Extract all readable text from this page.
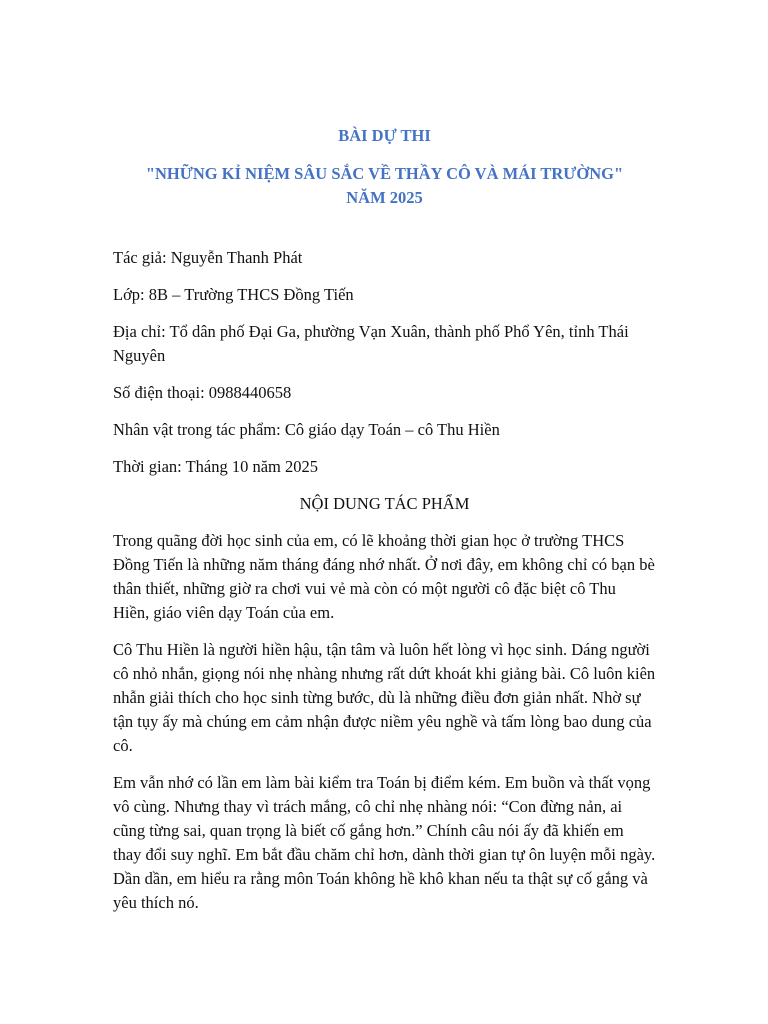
BÀI DỰ THI

"NHỮNG KỈ NIỆM SÂU SẮC VỀ THẦY CÔ VÀ MÁI TRƯỜNG"
NĂM 2025

Tác giả: Nguyễn Thanh Phát

Lớp: 8B – Trường THCS Đồng Tiến

Địa chỉ: Tổ dân phố Đại Ga, phường Vạn Xuân, thành phố Phổ Yên, tỉnh Thái Nguyên

Số điện thoại: 0988440658

Nhân vật trong tác phẩm: Cô giáo dạy Toán – cô Thu Hiền

Thời gian: Tháng 10 năm 2025

NỘI DUNG TÁC PHẨM

Trong quãng đời học sinh của em, có lẽ khoảng thời gian học ở trường THCS Đồng Tiến là những năm tháng đáng nhớ nhất. Ở nơi đây, em không chỉ có bạn bè thân thiết, những giờ ra chơi vui vẻ mà còn có một người cô đặc biệt cô Thu Hiền, giáo viên dạy Toán của em.

Cô Thu Hiền là người hiền hậu, tận tâm và luôn hết lòng vì học sinh. Dáng người cô nhỏ nhắn, giọng nói nhẹ nhàng nhưng rất dứt khoát khi giảng bài. Cô luôn kiên nhẫn giải thích cho học sinh từng bước, dù là những điều đơn giản nhất. Nhờ sự tận tụy ấy mà chúng em cảm nhận được niềm yêu nghề và tấm lòng bao dung của cô.

Em vẫn nhớ có lần em làm bài kiểm tra Toán bị điểm kém. Em buồn và thất vọng vô cùng. Nhưng thay vì trách mắng, cô chỉ nhẹ nhàng nói: “Con đừng nản, ai cũng từng sai, quan trọng là biết cố gắng hơn.” Chính câu nói ấy đã khiến em thay đổi suy nghĩ. Em bắt đầu chăm chỉ hơn, dành thời gian tự ôn luyện mỗi ngày. Dần dần, em hiểu ra rằng môn Toán không hề khô khan nếu ta thật sự cố gắng và yêu thích nó.
